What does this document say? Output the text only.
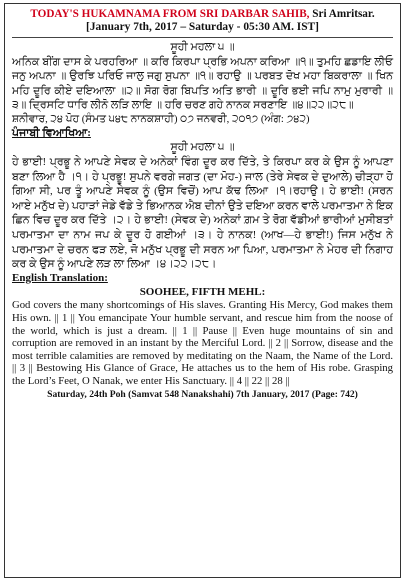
TODAY'S HUKAMNAMA FROM SRI DARBAR SAHIB, Sri Amritsar.
[January 7th, 2017 – Saturday - 05:30 AM. IST]

ਸੂਹੀ ਮਹਲਾ ੫ ॥

ਅਨਿਕ ਬੀਂਗ ਦਾਸ ਕੇ ਪਰਹਰਿਆ ॥ ਕਰਿ ਕਿਰਪਾ ਪ੍ਰਭਿ ਅਪਨਾ ਕਰਿਆ ॥੧॥ ਤੁਮਹਿ ਛਡਾਇ ਲੀਓ ਜਨੁ ਅਪਨਾ ॥ ਉਰਝਿ ਪਰਿਓ ਜਾਲੁ ਜਗੁ ਸੁਪਨਾ ॥੧॥ ਰਹਾਉ ॥ ਪਰਬਤ ਦੋਖ ਮਹਾ ਬਿਕਰਾਲਾ ॥ ਖਿਨ ਮਹਿ ਦੂਰਿ ਕੀਏ ਦਇਆਲਾ ॥੨॥ ਸੋਗ ਰੋਗ ਬਿਪਤਿ ਅਤਿ ਭਾਰੀ ॥ ਦੂਰਿ ਭਈ ਜਪਿ ਨਾਮੁ ਮੁਰਾਰੀ ॥੩॥ ਦ੍ਰਿਸਟਿ ਧਾਰਿ ਲੀਨੋ ਲੜਿ ਲਾਇ ॥ ਹਰਿ ਚਰਣ ਗਹੇ ਨਾਨਕ ਸਰਣਾਇ ॥੪॥੨੨॥੨੮॥

ਸ਼ਨੀਵਾਰ, ੨੪ ਪੋਹ (ਸੰਮਤ ੫੪੮ ਨਾਨਕਸ਼ਾਹੀ) ੦੭ ਜਨਵਰੀ, ੨੦੧੭ (ਅੰਗ: ੭੪੨)

ਪੰਜਾਬੀ ਵਿਆਖਿਆ:

ਸੂਹੀ ਮਹਲਾ ੫ ॥

ਹੇ ਭਾਈ! ਪ੍ਰਭੂ ਨੇ ਆਪਣੇ ਸੇਵਕ ਦੇ ਅਨੇਕਾਂ ਵਿੰਗ ਦੂਰ ਕਰ ਦਿੱਤੇ, ਤੇ ਕਿਰਪਾ ਕਰ ਕੇ ਉਸ ਨੂੰ ਆਪਣਾ ਬਣਾ ਲਿਆ ਹੈ ।੧। ਹੇ ਪ੍ਰਭੂ! ਸੁਪਨੇ ਵਰਗੇ ਜਗਤ (ਦਾ ਮੋਹ-) ਜਾਲ (ਤੇਰੇ ਸੇਵਕ ਦੇ ਦੁਆਲੇ) ਚੀੜ੍ਹਾ ਹੋ ਗਿਆ ਸੀ, ਪਰ ਤੂੰ ਆਪਣੇ ਸੇਵਕ ਨੂੰ (ਉਸ ਵਿਚੋਂ) ਆਪ ਕੱਢ ਲਿਆ ।੧।ਰਹਾਉ। ਹੇ ਭਾਈ! (ਸਰਨ ਆਏ ਮਨੁੱਖ ਦੇ) ਪਹਾੜਾਂ ਜੇਡੇ ਵੱਡੇ ਤੇ ਭਿਆਨਕ ਐਬ ਦੀਨਾਂ ਉਤੇ ਦਇਆ ਕਰਨ ਵਾਲੇ ਪਰਮਾਤਮਾ ਨੇ ਇਕ ਛਿਨ ਵਿਚ ਦੂਰ ਕਰ ਦਿੱਤੇ ।੨। ਹੇ ਭਾਈ! (ਸੇਵਕ ਦੇ) ਅਨੇਕਾਂ ਗ਼ਮ ਤੇ ਰੋਗ ਵੱਡੀਆਂ ਭਾਰੀਆਂ ਮੁਸੀਬਤਾਂ ਪਰਮਾਤਮਾ ਦਾ ਨਾਮ ਜਪ ਕੇ ਦੂਰ ਹੋ ਗਈਆਂ ।੩। ਹੇ ਨਾਨਕ! (ਆਖ—ਹੇ ਭਾਈ!) ਜਿਸ ਮਨੁੱਖ ਨੇ ਪਰਮਾਤਮਾ ਦੇ ਚਰਨ ਫੜ ਲਏ, ਜੋ ਮਨੁੱਖ ਪ੍ਰਭੂ ਦੀ ਸਰਨ ਆ ਪਿਆ, ਪਰਮਾਤਮਾ ਨੇ ਮੇਹਰ ਦੀ ਨਿਗਾਹ ਕਰ ਕੇ ਉਸ ਨੂੰ ਆਪਣੇ ਲੜ ਲਾ ਲਿਆ ।੪।੨੨।੨੮।

English Translation:

SOOHEE, FIFTH MEHL:

God covers the many shortcomings of His slaves. Granting His Mercy, God makes them His own. || 1 || You emancipate Your humble servant, and rescue him from the noose of the world, which is just a dream. || 1 || Pause || Even huge mountains of sin and corruption are removed in an instant by the Merciful Lord. || 2 || Sorrow, disease and the most terrible calamities are removed by meditating on the Naam, the Name of the Lord. || 3 || Bestowing His Glance of Grace, He attaches us to the hem of His robe. Grasping the Lord’s Feet, O Nanak, we enter His Sanctuary. || 4 || 22 || 28 ||

Saturday, 24th Poh (Samvat 548 Nanakshahi) 7th January, 2017 (Page: 742)
